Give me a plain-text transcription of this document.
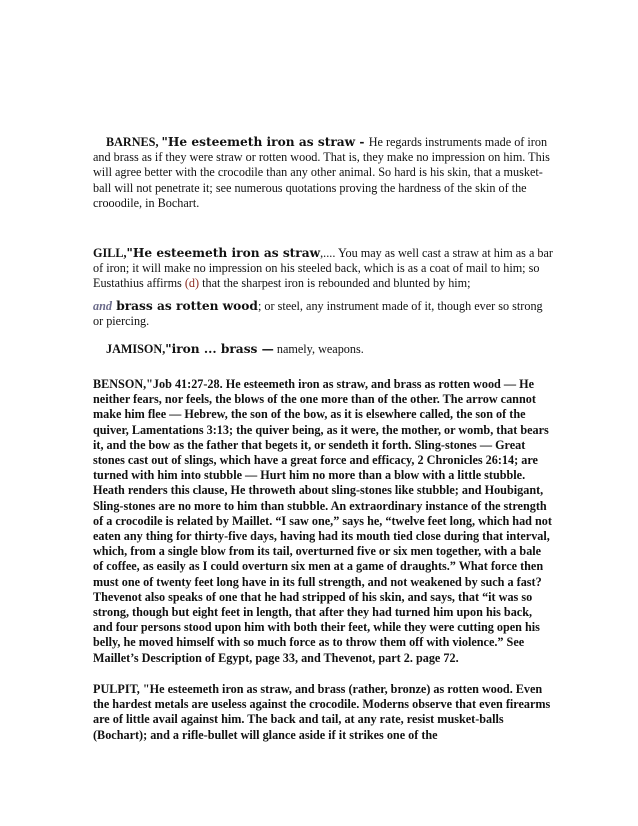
BARNES, "He esteemeth iron as straw - He regards instruments made of iron and brass as if they were straw or rotten wood. That is, they make no impression on him. This will agree better with the crocodile than any other animal. So hard is his skin, that a musket-ball will not penetrate it; see numerous quotations proving the hardness of the skin of the crooodile, in Bochart.

GILL,"He esteemeth iron as straw,.... You may as well cast a straw at him as a bar of iron; it will make no impression on his steeled back, which is as a coat of mail to him; so Eustathius affirms (d) that the sharpest iron is rebounded and blunted by him;

and brass as rotten wood; or steel, any instrument made of it, though ever so strong or piercing.

JAMISON,"iron ... brass — namely, weapons.

BENSON,"Job 41:27-28. He esteemeth iron as straw, and brass as rotten wood — He neither fears, nor feels, the blows of the one more than of the other. The arrow cannot make him flee — Hebrew, the son of the bow, as it is elsewhere called, the son of the quiver, Lamentations 3:13; the quiver being, as it were, the mother, or womb, that bears it, and the bow as the father that begets it, or sendeth it forth. Sling-stones — Great stones cast out of slings, which have a great force and efficacy, 2 Chronicles 26:14; are turned with him into stubble — Hurt him no more than a blow with a little stubble. Heath renders this clause, He throweth about sling-stones like stubble; and Houbigant, Sling-stones are no more to him than stubble. An extraordinary instance of the strength of a crocodile is related by Maillet. “I saw one,” says he, “twelve feet long, which had not eaten any thing for thirty-five days, having had its mouth tied close during that interval, which, from a single blow from its tail, overturned five or six men together, with a bale of coffee, as easily as I could overturn six men at a game of draughts.” What force then must one of twenty feet long have in its full strength, and not weakened by such a fast? Thevenot also speaks of one that he had stripped of his skin, and says, that “it was so strong, though but eight feet in length, that after they had turned him upon his back, and four persons stood upon him with both their feet, while they were cutting open his belly, he moved himself with so much force as to throw them off with violence.” See Maillet’s Description of Egypt, page 33, and Thevenot, part 2. page 72.

PULPIT, "He esteemeth iron as straw, and brass (rather, bronze) as rotten wood. Even the hardest metals are useless against the crocodile. Moderns observe that even firearms are of little avail against him. The back and tail, at any rate, resist musket-balls (Bochart); and a rifle-bullet will glance aside if it strikes one of the
